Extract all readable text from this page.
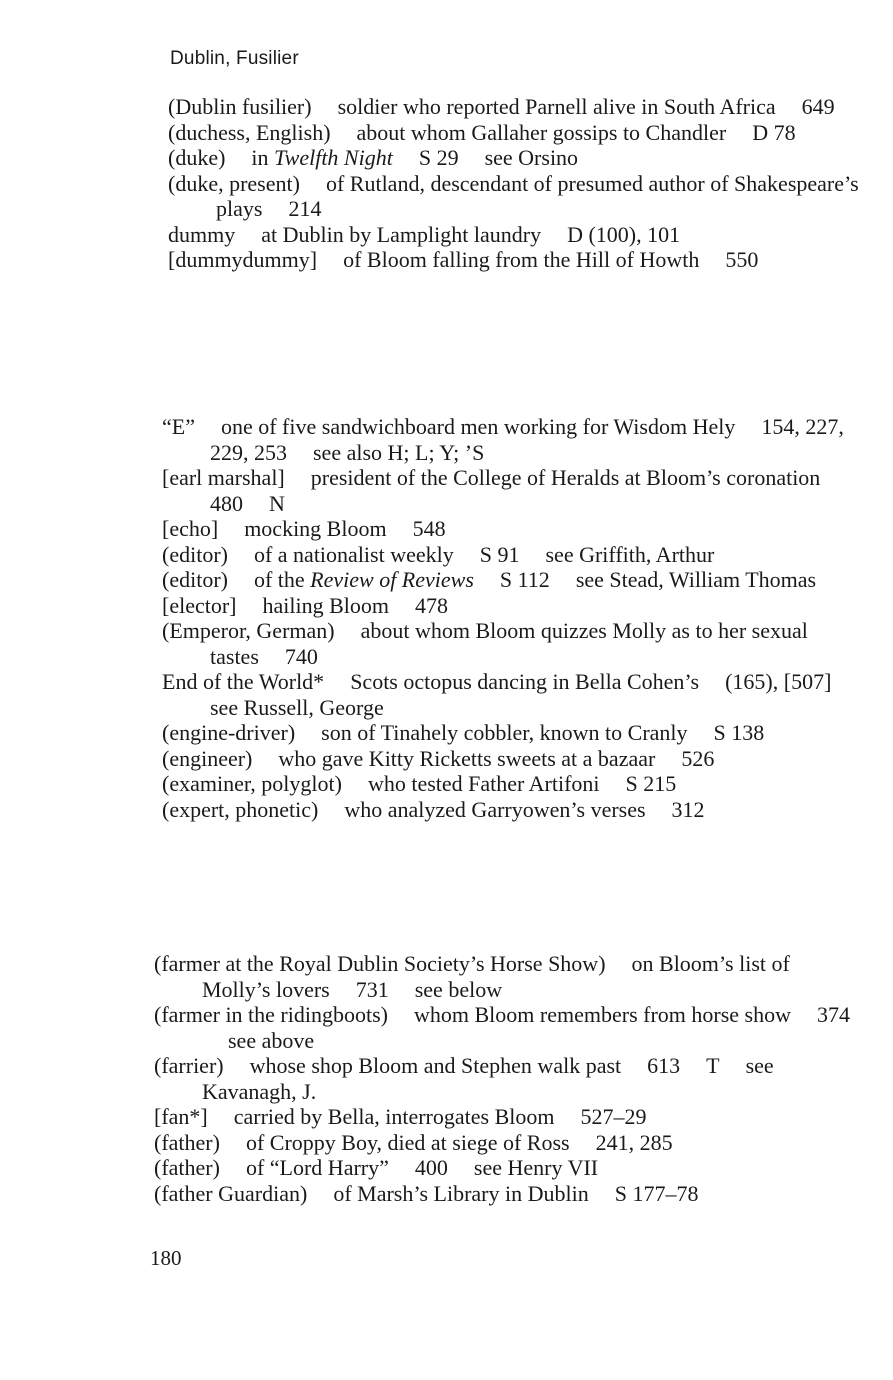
Dublin, Fusilier
(Dublin fusilier) soldier who reported Parnell alive in South Africa 649
(duchess, English) about whom Gallaher gossips to Chandler D 78
(duke) in Twelfth Night S 29 see Orsino
(duke, present) of Rutland, descendant of presumed author of Shakespeare’s plays 214
dummy at Dublin by Lamplight laundry D (100), 101
[dummydummy] of Bloom falling from the Hill of Howth 550
“E” one of five sandwichboard men working for Wisdom Hely 154, 227, 229, 253 see also H; L; Y; ’S
[earl marshal] president of the College of Heralds at Bloom’s coronation480 N
[echo] mocking Bloom 548
(editor) of a nationalist weekly S 91 see Griffith, Arthur
(editor) of the Review of Reviews S 112 see Stead, William Thomas
[elector] hailing Bloom 478
(Emperor, German) about whom Bloom quizzes Molly as to her sexual tastes 740
End of the World* Scots octopus dancing in Bella Cohen’s (165), [507]see Russell, George
(engine-driver) son of Tinahely cobbler, known to Cranly S 138
(engineer) who gave Kitty Ricketts sweets at a bazaar 526
(examiner, polyglot) who tested Father Artifoni S 215
(expert, phonetic) who analyzed Garryowen’s verses 312
(farmer at the Royal Dublin Society’s Horse Show) on Bloom’s list of Molly’s lovers 731 see below
(farmer in the ridingboots) whom Bloom remembers from horse show 374see above
(farrier) whose shop Bloom and Stephen walk past 613 T see Kavanagh, J.
[fan*] carried by Bella, interrogates Bloom 527–29
(father) of Croppy Boy, died at siege of Ross 241, 285
(father) of “Lord Harry” 400 see Henry VII
(father Guardian) of Marsh’s Library in Dublin S 177–78
180
